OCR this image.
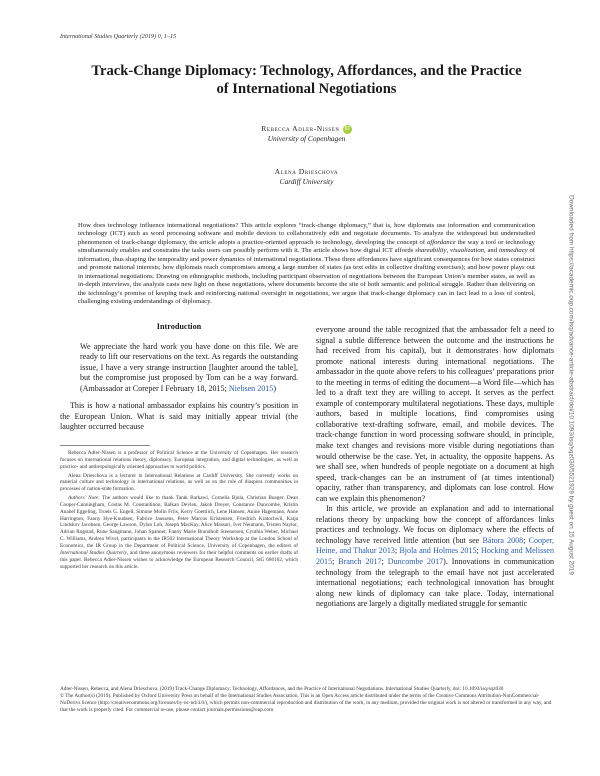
International Studies Quarterly (2019) 0, 1–15
Track-Change Diplomacy: Technology, Affordances, and the Practice
of International Negotiations
Rebecca Adler-Nissen iD
University of Copenhagen
Alena Drieschova
Cardiff University
How does technology influence international negotiations? This article explores “track-change diplomacy,” that is, how diplomats use information and communication technology (ICT) such as word processing software and mobile devices to collaboratively edit and negotiate documents. To analyze the widespread but understudied phenomenon of track-change diplomacy, the article adopts a practice-oriented approach to technology, developing the concept of affordance the way a tool or technology simultaneously enables and constrains the tasks users can possibly perform with it. The article shows how digital ICT affords shareability, visualization, and immediacy of information, thus shaping the temporality and power dynamics of international negotiations. These three affordances have significant consequences for how states construct and promote national interests; how diplomats reach compromises among a large number of states (as text edits in collective drafting exercises); and how power plays out in international negotiations. Drawing on ethnographic methods, including participant observation of negotiations between the European Union’s member states, as well as in-depth interviews, the analysis casts new light on these negotiations, where documents become the site of both semantic and political struggle. Rather than delivering on the technology’s promise of keeping track and reinforcing national oversight in negotiations, we argue that track-change diplomacy can in fact lead to a loss of control, challenging existing understandings of diplomacy.	Downloaded from https://academic.oup.com/isq/advance-article-abstract/doi/10.1093/isq/sqz030/5521929 by guest on 15 August 2019
Introduction
We appreciate the hard work you have done on this file. We are ready to lift our reservations on the text. As regards the outstanding issue, I have a very strange instruction [laughter around the table], but the compromise just proposed by Tom can be a way forward. (Ambassador at Coreper I February 18, 2015; Niebsen 2015)

This is how a national ambassador explains his country’s position in the European Union. What is said may initially appear trivial (the laughter occurred because

Rebecca Adler-Nissen is a professor of Political Science at the University of Copenhagen. Her research focuses on international relations theory, diplomacy, European integration, and digital technologies, as well as practice- and anthropologically oriented approaches to world politics.

Alena Drieschova is a lecturer in International Relations at Cardiff University. She currently works on material culture and technology in international relations, as well as on the role of diaspora communities in processes of nation-state formation.

Authors’ Note: The authors would like to thank Tarak Barkawi, Cornelia Bjola, Christian Bueger, Dean Cooper-Cunningham, Costas M. Constantinou, Balkan Devlen, Jakob Dreyer, Constance Duncombe, Kristin Anabel Eggeling, Troels G. Engell, Simone Molin Friis, Kerry Goettlich, Lene Hansen, Anine Hagemann, Anne Harrington, Fanny Hye-Knudsen, Fabrice Jaussens, Peter Marcus Kristensen, Friedrich Kratochwil, Katja Lindskov Jacobsen, George Lawson, Dylan Loh, Joseph MacKay, Alice Massari, Iver Neumann, Tristen Naylor, Adrian Rogstad, Rune Saugmann, Johan Spanner, Fanny Marie Brandholt Steenersen, Cynthia Weber, Michael C. Williams, Andrea Wivel, participants in the IR502 International Theory Workshop at the London School of Economics, the IR Group in the Department of Political Science, University of Copenhagen, the editors of International Studies Quarterly, and three anonymous reviewers for their helpful comments on earlier drafts of this paper. Rebecca Adler-Nissen wishes to acknowledge the European Research Council, StG 680102, which supported her research on this article.

everyone around the table recognized that the ambassador felt a need to signal a subtle difference between the outcome and the instructions he had received from his capital), but it demonstrates how diplomats promote national interests during international negotiations. The ambassador in the quote above refers to his colleagues’ preparations prior to the meeting in terms of editing the document—a Word file—which has led to a draft text they are willing to accept. It serves as the perfect example of contemporary multilateral negotiations. These days, multiple authors, based in multiple locations, find compromises using collaborative text-drafting software, email, and mobile devices. The track-change function in word processing software should, in principle, make text changes and revisions more visible during negotiations than would otherwise be the case. Yet, in actuality, the opposite happens. As we shall see, when hundreds of people negotiate on a document at high speed, track-changes can be an instrument of (at times intentional) opacity, rather than transparency, and diplomats can lose control. How can we explain this phenomenon?

In this article, we provide an explanation and add to international relations theory by unpacking how the concept of affordances links practices and technology. We focus on diplomacy where the effects of technology have received little attention (but see Bátora 2008; Cooper, Heine, and Thakur 2013; Bjola and Holmes 2015; Hocking and Melissen 2015; Branch 2017; Duncombe 2017). Innovations in communication technology from the telegraph to the email have not just accelerated international negotiations; each technological innovation has brought along new kinds of diplomacy can take place. Today, international negotiations are largely a digitally mediated struggle for semantic

Adler-Nissen, Rebecca, and Alena Drieschova. (2019) Track-Change Diplomacy: Technology, Affordances, and the Practice of International Negotiations. International Studies Quarterly, doi: 10.1093/isq/sqz030

© The Author(s) (2019). Published by Oxford University Press on behalf of the International Studies Association. This is an Open Access article distributed under the terms of the Creative Commons Attribution-NonCommercial-NoDerivs licence (http://creativecommons.org/licenses/by-nc-nd/4.0/), which permits non-commercial reproduction and distribution of the work, in any medium, provided the original work is not altered or transformed in any way, and that the work is properly cited. For commercial re-use, please contact journals.permissions@oup.com
